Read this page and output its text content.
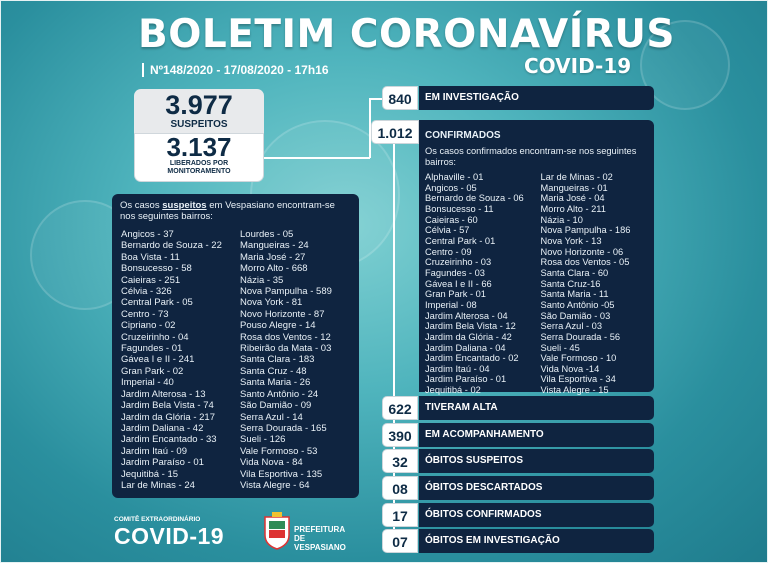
BOLETIM CORONAVÍRUS
COVID-19
Nº148/2020 - 17/08/2020 - 17h16
3.977
SUSPEITOS
3.137
LIBERADOS POR
MONITORAMENTO
Os casos suspeitos em Vespasiano encontram-se nos seguintes bairros:
Angicos - 37
Bernardo de Souza - 22
Boa Vista - 11
Bonsucesso - 58
Caieiras - 251
Célvia - 326
Central Park - 05
Centro - 73
Cipriano - 02
Cruzeirinho - 04
Fagundes - 01
Gávea I e II - 241
Gran Park - 02
Imperial - 40
Jardim Alterosa - 13
Jardim Bela Vista - 74
Jardim da Glória - 217
Jardim Daliana - 42
Jardim Encantado - 33
Jardim Itaú - 09
Jardim Paraíso - 01
Jequitibá - 15
Lar de Minas - 24
Lourdes - 05
Mangueiras - 24
Maria José - 27
Morro Alto - 668
Názia - 35
Nova Pampulha - 589
Nova York - 81
Novo Horizonte - 87
Pouso Alegre - 14
Rosa dos Ventos - 12
Ribeirão da Mata - 03
Santa Clara - 183
Santa Cruz - 48
Santa Maria - 26
Santo Antônio - 24
São Damião - 09
Serra Azul - 14
Serra Dourada - 165
Sueli - 126
Vale Formoso - 53
Vida Nova - 84
Vila Esportiva - 135
Vista Alegre - 64
840	EM INVESTIGAÇÃO
1.012	CONFIRMADOS
Os casos confirmados encontram-se nos seguintes bairros:
Alphaville - 01
Angicos - 05
Bernardo de Souza - 06
Bonsucesso - 11
Caieiras - 60
Célvia - 57
Central Park - 01
Centro - 09
Cruzeirinho - 03
Fagundes - 03
Gávea I e II - 66
Gran Park - 01
Imperial - 08
Jardim Alterosa - 04
Jardim Bela Vista - 12
Jardim da Glória - 42
Jardim Daliana - 04
Jardim Encantado - 02
Jardim Itaú - 04
Jardim Paraíso - 01
Jequitibá - 02
Lar de Minas - 02
Mangueiras - 01
Maria José - 04
Morro Alto - 211
Názia - 10
Nova Pampulha - 186
Nova York - 13
Novo Horizonte - 06
Rosa dos Ventos - 05
Santa Clara - 60
Santa Cruz-16
Santa Maria - 11
Santo Antônio -05
São Damião - 03
Serra Azul - 03
Serra Dourada - 56
Sueli - 45
Vale Formoso - 10
Vida Nova -14
Vila Esportiva - 34
Vista Alegre - 15
622	TIVERAM ALTA
390	EM ACOMPANHAMENTO
32	ÓBITOS SUSPEITOS
08	ÓBITOS DESCARTADOS
17	ÓBITOS CONFIRMADOS
07	ÓBITOS EM INVESTIGAÇÃO
COMITÊ EXTRAORDINÁRIO
COVID-19	PREFEITURA DE
VESPASIANO
